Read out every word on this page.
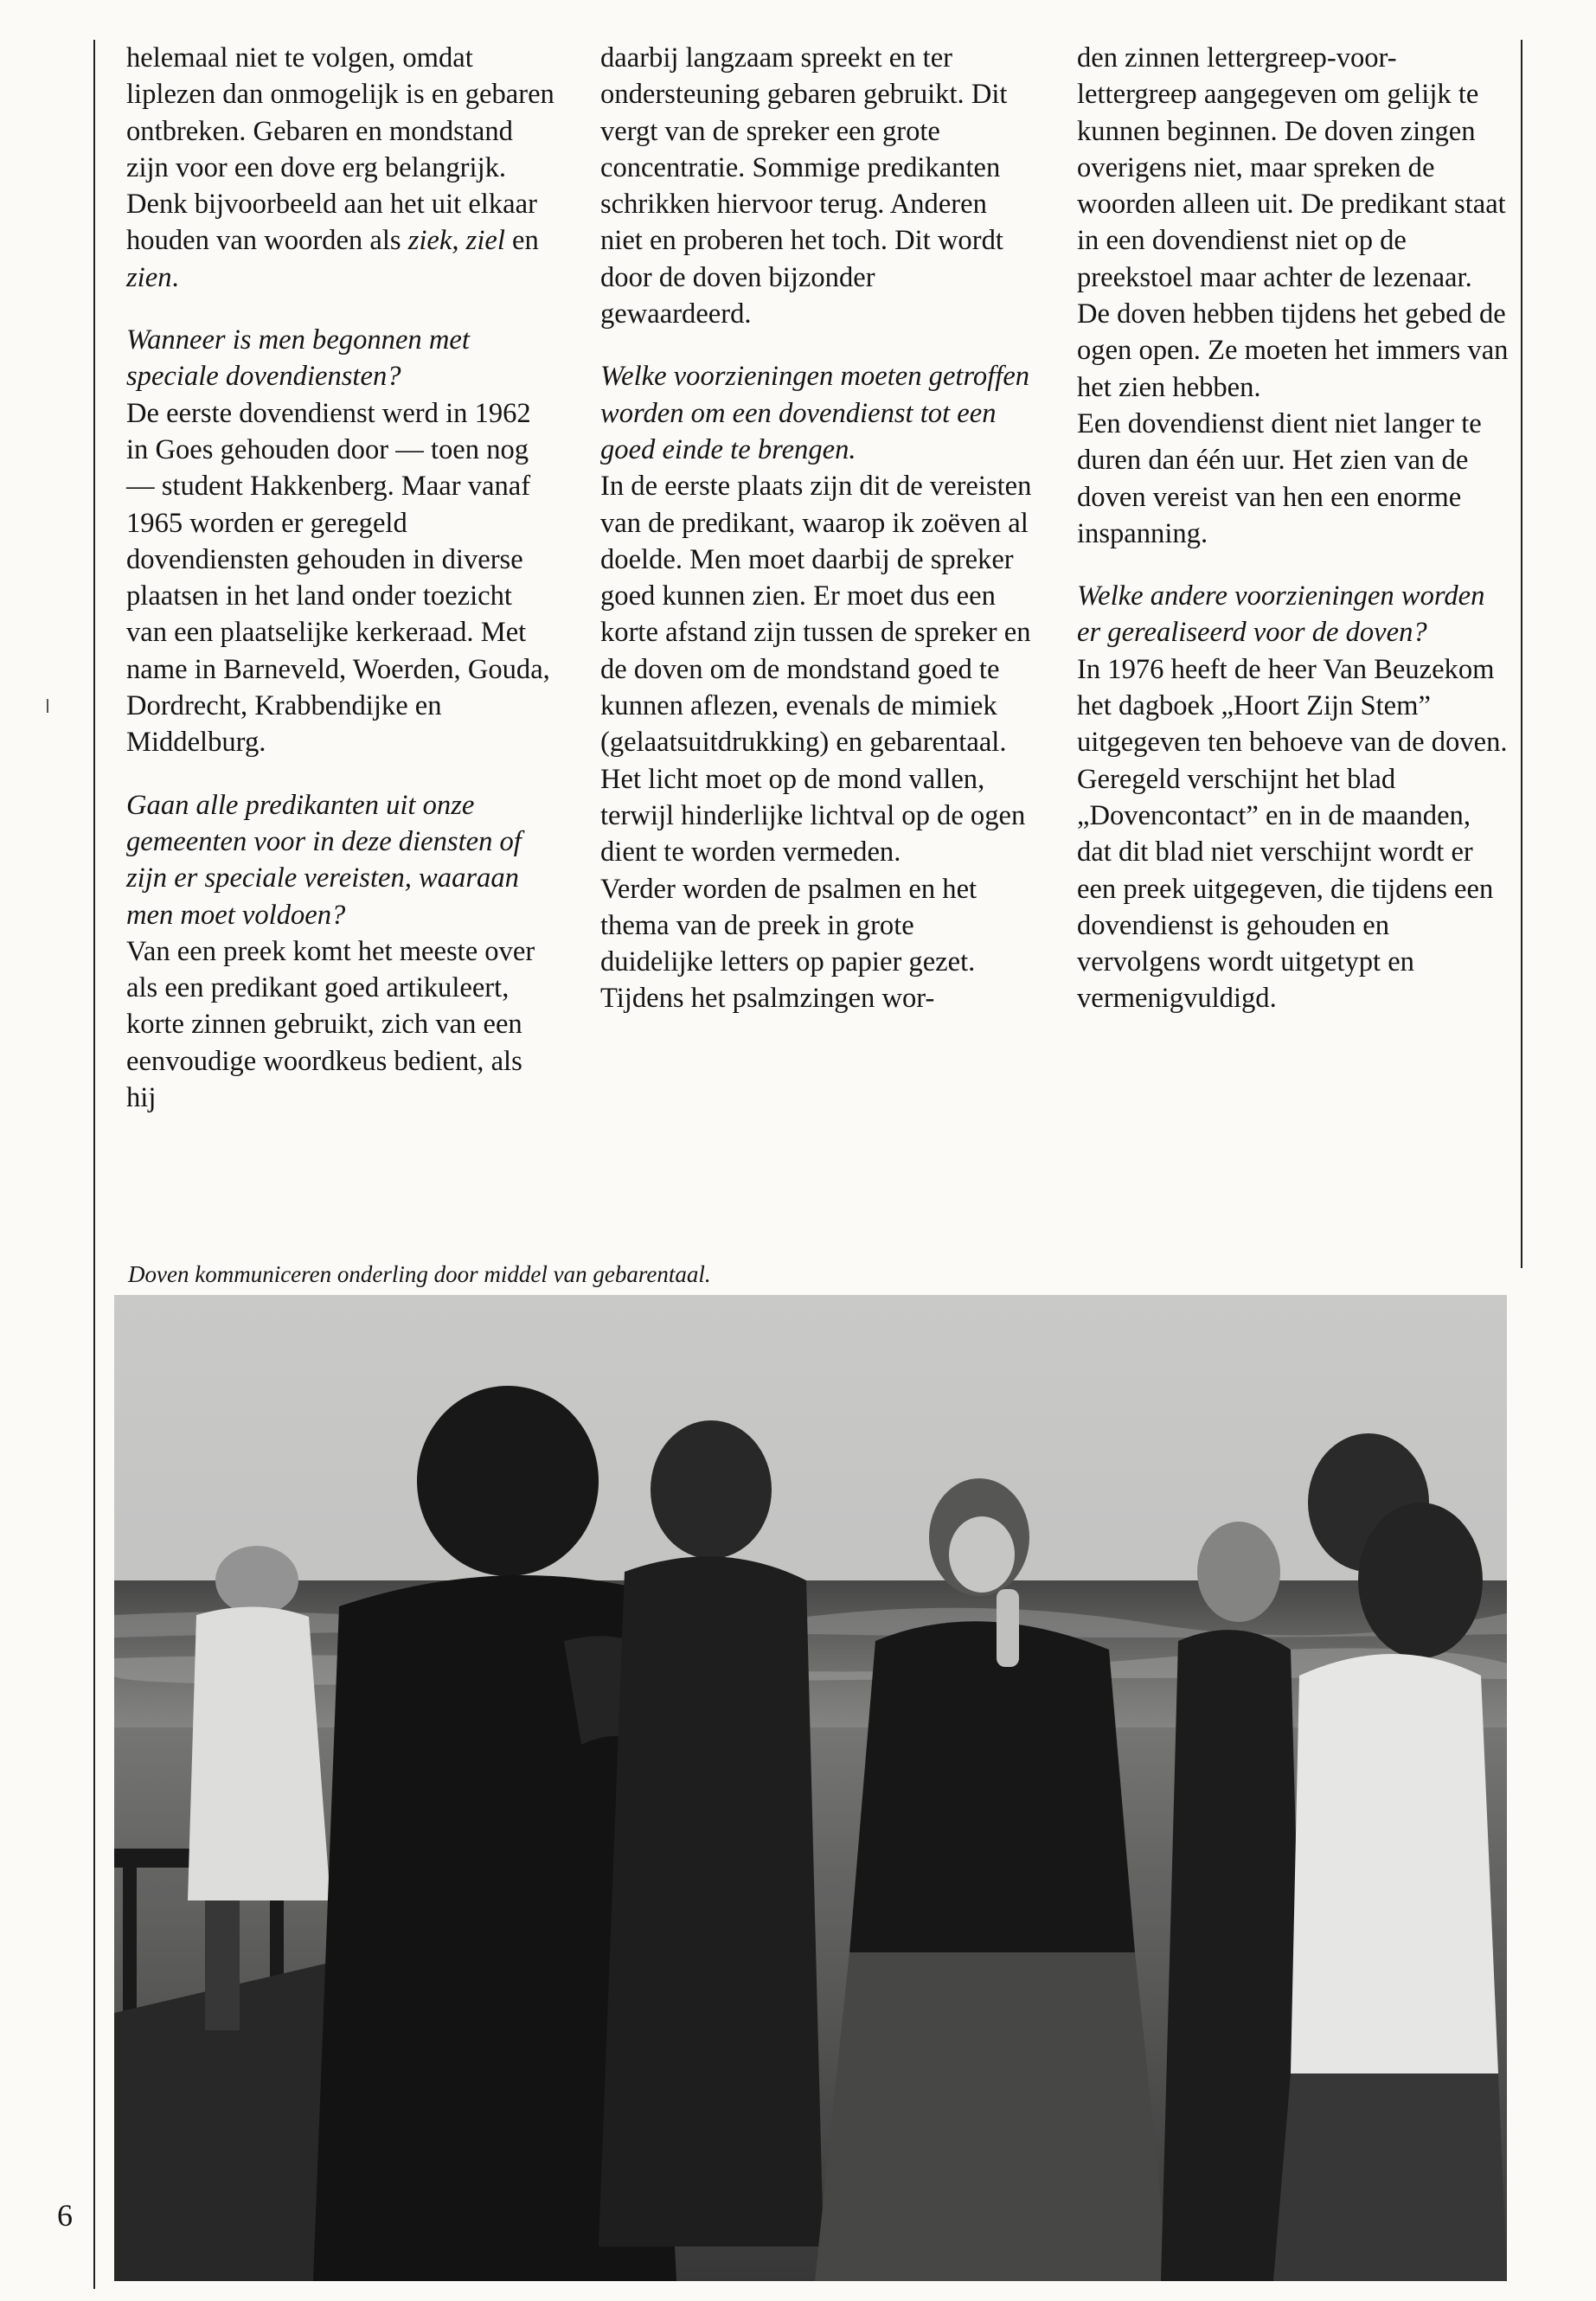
helemaal niet te volgen, omdat liplezen dan onmogelijk is en gebaren ontbreken. Gebaren en mondstand zijn voor een dove erg belangrijk. Denk bijvoorbeeld aan het uit elkaar houden van woorden als ziek, ziel en zien.

Wanneer is men begonnen met speciale dovendiensten?

De eerste dovendienst werd in 1962 in Goes gehouden door — toen nog — student Hakkenberg. Maar vanaf 1965 worden er geregeld dovendiensten gehouden in diverse plaatsen in het land onder toezicht van een plaatselijke kerkeraad. Met name in Barneveld, Woerden, Gouda, Dordrecht, Krabbendijke en Middelburg.

Gaan alle predikanten uit onze gemeenten voor in deze diensten of zijn er speciale vereisten, waaraan men moet voldoen?

Van een preek komt het meeste over als een predikant goed artikuleert, korte zinnen gebruikt, zich van een eenvoudige woordkeus bedient, als hij

daarbij langzaam spreekt en ter ondersteuning gebaren gebruikt. Dit vergt van de spreker een grote concentratie. Sommige predikanten schrikken hiervoor terug. Anderen niet en proberen het toch. Dit wordt door de doven bijzonder gewaardeerd.

Welke voorzieningen moeten getroffen worden om een dovendienst tot een goed einde te brengen.

In de eerste plaats zijn dit de vereisten van de predikant, waarop ik zoëven al doelde. Men moet daarbij de spreker goed kunnen zien. Er moet dus een korte afstand zijn tussen de spreker en de doven om de mondstand goed te kunnen aflezen, evenals de mimiek (gelaatsuitdrukking) en gebarentaal. Het licht moet op de mond vallen, terwijl hinderlijke lichtval op de ogen dient te worden vermeden.

Verder worden de psalmen en het thema van de preek in grote duidelijke letters op papier gezet.

Tijdens het psalmzingen wor-

den zinnen lettergreep-voor-lettergreep aangegeven om gelijk te kunnen beginnen. De doven zingen overigens niet, maar spreken de woorden alleen uit. De predikant staat in een dovendienst niet op de preekstoel maar achter de lezenaar.

De doven hebben tijdens het gebed de ogen open. Ze moeten het immers van het zien hebben.

Een dovendienst dient niet langer te duren dan één uur. Het zien van de doven vereist van hen een enorme inspanning.

Welke andere voorzieningen worden er gerealiseerd voor de doven?

In 1976 heeft de heer Van Beuzekom het dagboek „Hoort Zijn Stem” uitgegeven ten behoeve van de doven.

Geregeld verschijnt het blad „Dovencontact” en in de maanden, dat dit blad niet verschijnt wordt er een preek uitgegeven, die tijdens een dovendienst is gehouden en vervolgens wordt uitgetypt en vermenigvuldigd.

Doven kommuniceren onderling door middel van gebarentaal.
6
